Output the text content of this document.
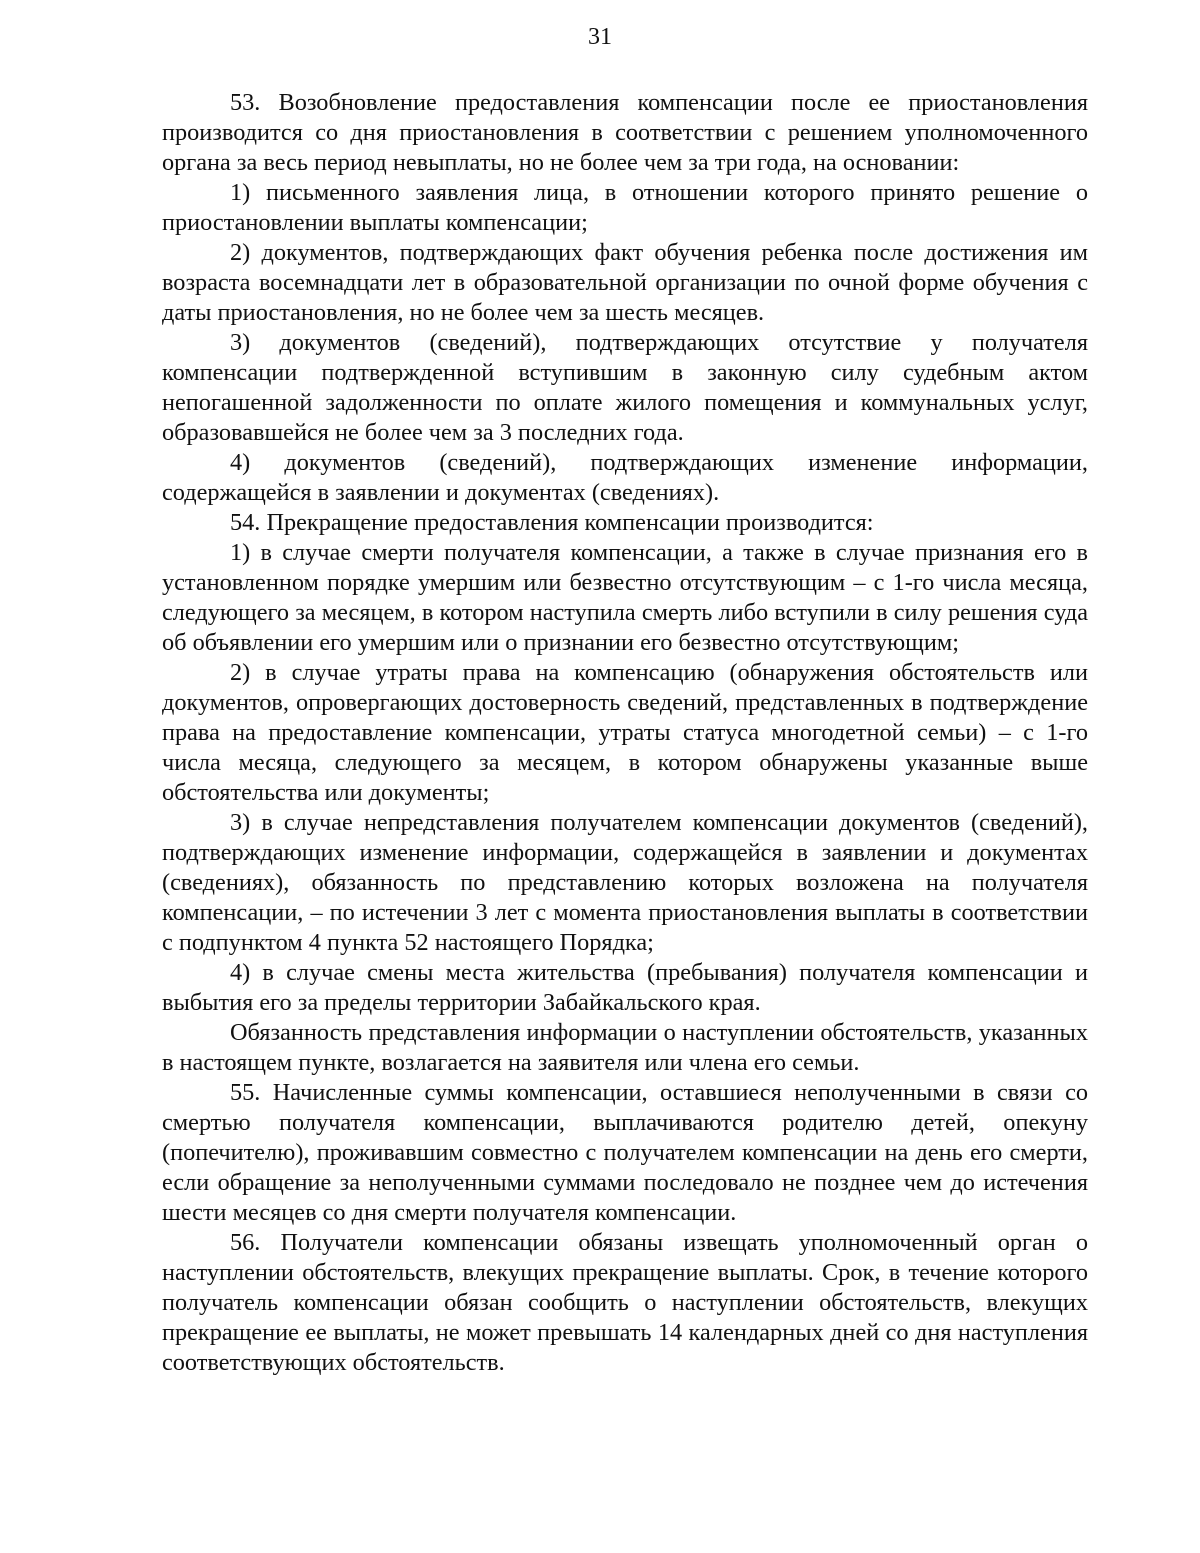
31

53. Возобновление предоставления компенсации после ее приостановления производится со дня приостановления в соответствии с решением уполномоченного органа за весь период невыплаты, но не более чем за три года, на основании:

1) письменного заявления лица, в отношении которого принято решение о приостановлении выплаты компенсации;

2) документов, подтверждающих факт обучения ребенка после достижения им возраста восемнадцати лет в образовательной организации по очной форме обучения с даты приостановления, но не более чем за шесть месяцев.

3) документов (сведений), подтверждающих отсутствие у получателя компенсации подтвержденной вступившим в законную силу судебным актом непогашенной задолженности по оплате жилого помещения и коммунальных услуг, образовавшейся не более чем за 3 последних года.

4) документов (сведений), подтверждающих изменение информации, содержащейся в заявлении и документах (сведениях).

54. Прекращение предоставления компенсации производится:

1) в случае смерти получателя компенсации, а также в случае признания его в установленном порядке умершим или безвестно отсутствующим – с 1-го числа месяца, следующего за месяцем, в котором наступила смерть либо вступили в силу решения суда об объявлении его умершим или о признании его безвестно отсутствующим;

2) в случае утраты права на компенсацию (обнаружения обстоятельств или документов, опровергающих достоверность сведений, представленных в подтверждение права на предоставление компенсации, утраты статуса многодетной семьи) – с 1-го числа месяца, следующего за месяцем, в котором обнаружены указанные выше обстоятельства или документы;

3) в случае непредставления получателем компенсации документов (сведений), подтверждающих изменение информации, содержащейся в заявлении и документах (сведениях), обязанность по представлению которых возложена на получателя компенсации, – по истечении 3 лет с момента приостановления выплаты в соответствии с подпунктом 4 пункта 52 настоящего Порядка;

4) в случае смены места жительства (пребывания) получателя компенсации и выбытия его за пределы территории Забайкальского края.

Обязанность представления информации о наступлении обстоятельств, указанных в настоящем пункте, возлагается на заявителя или члена его семьи.

55. Начисленные суммы компенсации, оставшиеся неполученными в связи со смертью получателя компенсации, выплачиваются родителю детей, опекуну (попечителю), проживавшим совместно с получателем компенсации на день его смерти, если обращение за неполученными суммами последовало не позднее чем до истечения шести месяцев со дня смерти получателя компенсации.

56. Получатели компенсации обязаны извещать уполномоченный орган о наступлении обстоятельств, влекущих прекращение выплаты. Срок, в течение которого получатель компенсации обязан сообщить о наступлении обстоятельств, влекущих прекращение ее выплаты, не может превышать 14 календарных дней со дня наступления соответствующих обстоятельств.
